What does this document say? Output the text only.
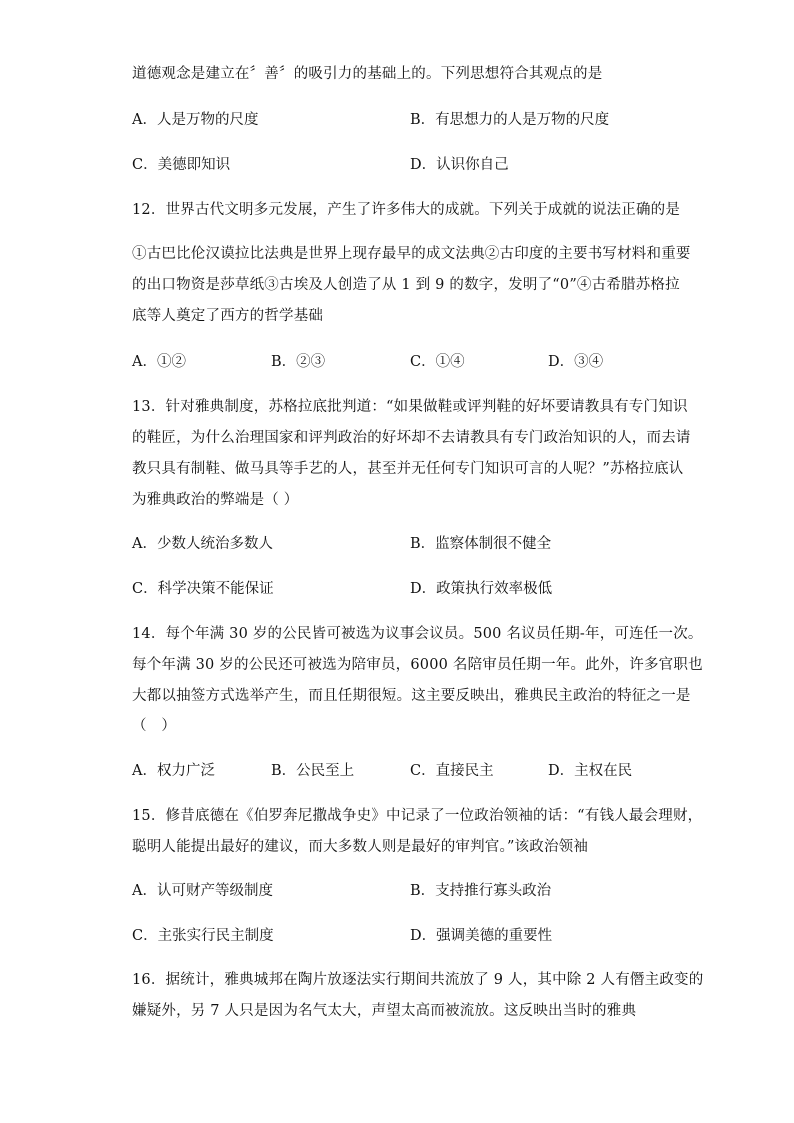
道德观念是建立在〞善〞的吸引力的基础上的。下列思想符合其观点的是
A．人是万物的尺度	B．有思想力的人是万物的尺度
C．美德即知识	D．认识你自己
12．世界古代文明多元发展，产生了许多伟大的成就。下列关于成就的说法正确的是
①古巴比伦汉谟拉比法典是世界上现存最早的成文法典②古印度的主要书写材料和重要
的出口物资是莎草纸③古埃及人创造了从 1 到 9 的数字，发明了“0”④古希腊苏格拉
底等人奠定了西方的哲学基础
A．①②	B．②③	C．①④	D．③④
13．针对雅典制度，苏格拉底批判道：“如果做鞋或评判鞋的好坏要请教具有专门知识
的鞋匠，为什么治理国家和评判政治的好坏却不去请教具有专门政治知识的人，而去请
教只具有制鞋、做马具等手艺的人，甚至并无任何专门知识可言的人呢？”苏格拉底认
为雅典政治的弊端是（ ）
A．少数人统治多数人	B．监察体制很不健全
C．科学决策不能保证	D．政策执行效率极低
14．每个年满 30 岁的公民皆可被选为议事会议员。500 名议员任期-年，可连任一次。
每个年满 30 岁的公民还可被选为陪审员，6000 名陪审员任期一年。此外，许多官职也
大都以抽签方式选举产生，而且任期很短。这主要反映出，雅典民主政治的特征之一是
（　）
A．权力广泛	B．公民至上	C．直接民主	D．主权在民
15．修昔底德在《伯罗奔尼撒战争史》中记录了一位政治领袖的话：“有钱人最会理财，
聪明人能提出最好的建议，而大多数人则是最好的审判官。”该政治领袖
A．认可财产等级制度	B．支持推行寡头政治
C．主张实行民主制度	D．强调美德的重要性
16．据统计，雅典城邦在陶片放逐法实行期间共流放了 9 人，其中除 2 人有僭主政变的
嫌疑外，另 7 人只是因为名气太大，声望太高而被流放。这反映出当时的雅典
